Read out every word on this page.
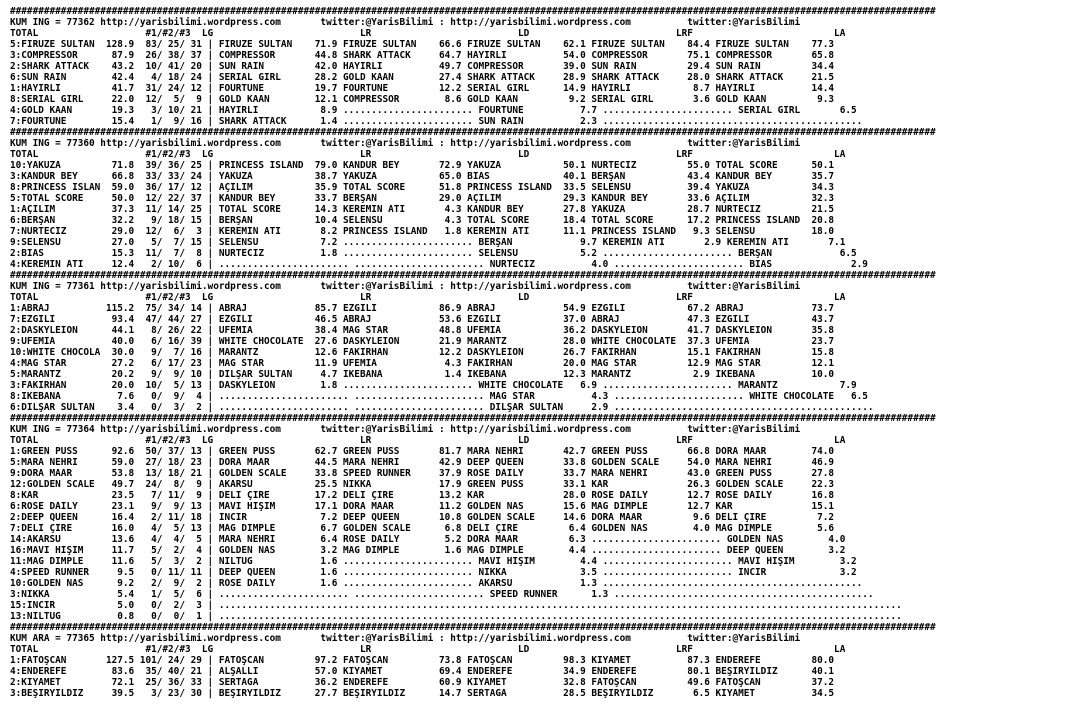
####################################################################################################################################################################
KUM ING = 77362 http://yarisbilimi.wordpress.com       twitter:@YarisBilimi : http://yarisbilimi.wordpress.com          twitter:@YarisBilimi
TOTAL                   #1/#2/#3  LG                          LR                          LD                          LRF                         LA
5:FİRUZE SULTAN  128.9  83/ 25/ 31 | FİRUZE SULTAN    71.9 FİRUZE SULTAN    66.6 FİRUZE SULTAN    62.1 FİRUZE SULTAN    84.4 FİRUZE SULTAN    77.3
3:COMPRESSOR      87.9  26/ 38/ 37 | COMPRESSOR       44.8 SHARK ATTACK     64.7 HAYIRLI          54.0 COMPRESSOR       75.1 COMPRESSOR       65.8
2:SHARK ATTACK    43.2  10/ 41/ 20 | SUN RAIN         42.0 HAYIRLI          49.7 COMPRESSOR       39.0 SUN RAIN         29.4 SUN RAIN         34.4
6:SUN RAIN        42.4   4/ 18/ 24 | SERIAL GIRL      28.2 GOLD KAAN        27.4 SHARK ATTACK     28.9 SHARK ATTACK     28.0 SHARK ATTACK     21.5
1:HAYIRLI         41.7  31/ 24/ 12 | FOURTUNE         19.7 FOURTUNE         12.2 SERIAL GIRL      14.9 HAYIRLI           8.7 HAYIRLI          14.4
8:SERIAL GIRL     22.0  12/  5/  9 | GOLD KAAN        12.1 COMPRESSOR        8.6 GOLD KAAN         9.2 SERIAL GIRL       3.6 GOLD KAAN         9.3
4:GOLD KAAN       19.3   3/ 10/ 21 | HAYIRLI           8.9 ....................... FOURTUNE          7.7 ....................... SERIAL GIRL       6.5
7:FOURTUNE        15.4   1/  9/ 16 | SHARK ATTACK      1.4 ....................... SUN RAIN          2.3 ..............................................
####################################################################################################################################################################
KUM ING = 77360 http://yarisbilimi.wordpress.com       twitter:@YarisBilimi : http://yarisbilimi.wordpress.com          twitter:@YarisBilimi
TOTAL                   #1/#2/#3  LG                          LR                          LD                          LRF                         LA
10:YAKUZA         71.8  39/ 36/ 25 | PRINCESS ISLAND  79.0 KANDUR BEY       72.9 YAKUZA           50.1 NURTECİZ         55.0 TOTAL SCORE      50.1
3:KANDUR BEY      66.8  33/ 33/ 24 | YAKUZA           38.7 YAKUZA           65.0 BIAS             40.1 BERŞAN           43.4 KANDUR BEY       35.7
8:PRINCESS ISLAN  59.0  36/ 17/ 12 | AÇILIM           35.9 TOTAL SCORE      51.8 PRINCESS ISLAND  33.5 SELENSU          39.4 YAKUZA           34.3
5:TOTAL SCORE     50.0  12/ 22/ 37 | KANDUR BEY       33.7 BERŞAN           29.0 AÇILIM           29.3 KANDUR BEY       33.6 AÇILIM           32.3
1:AÇILIM          37.3  11/ 14/ 25 | TOTAL SCORE      14.3 KEREMİN ATI       4.3 KANDUR BEY       27.8 YAKUZA           28.7 NURTECİZ         21.5
6:BERŞAN          32.2   9/ 18/ 15 | BERŞAN           10.4 SELENSU           4.3 TOTAL SCORE      18.4 TOTAL SCORE      17.2 PRINCESS ISLAND  20.8
7:NURTECİZ        29.0  12/  6/  3 | KEREMİN ATI       8.2 PRINCESS ISLAND   1.8 KEREMİN ATI      11.1 PRINCESS ISLAND   9.3 SELENSU          18.0
9:SELENSU         27.0   5/  7/ 15 | SELENSU           7.2 ....................... BERŞAN            9.7 KEREMİN ATI       2.9 KEREMİN ATI       7.1
2:BIAS            15.3  11/  7/  8 | NURTECİZ          1.8 ....................... SELENSU           5.2 ....................... BERŞAN            6.5
4:KEREMİN ATI     12.4   2/ 10/  6 | ....................... ....................... NURTECİZ          4.0 ....................... BIAS              2.9
####################################################################################################################################################################
KUM ING = 77361 http://yarisbilimi.wordpress.com       twitter:@YarisBilimi : http://yarisbilimi.wordpress.com          twitter:@YarisBilimi
TOTAL                   #1/#2/#3  LG                          LR                          LD                          LRF                         LA
1:ABRAJ          115.2  75/ 34/ 14 | ABRAJ            85.7 EZGİLİ           86.9 ABRAJ            54.9 EZGİLİ           67.2 ABRAJ            73.7
7:EZGİLİ          93.4  47/ 44/ 27 | EZGİLİ           46.5 ABRAJ            53.6 EZGİLİ           37.0 ABRAJ            47.3 EZGİLİ           43.7
2:DASKYLEION      44.1   8/ 26/ 22 | UFEMIA           38.4 MAG STAR         48.8 UFEMIA           36.2 DASKYLEION       41.7 DASKYLEION       35.8
9:UFEMIA          40.0   6/ 16/ 39 | WHITE CHOCOLATE  27.6 DASKYLEION       21.9 MARANTZ          28.0 WHITE CHOCOLATE  37.3 UFEMIA           23.7
10:WHITE CHOCOLA  30.0   9/  7/ 16 | MARANTZ          12.6 FAKİRHAN         12.2 DASKYLEION       26.7 FAKİRHAN         15.1 FAKİRHAN         15.8
4:MAG STAR        27.2   6/ 17/ 23 | MAG STAR         11.9 UFEMIA            4.3 FAKİRHAN         20.0 MAG STAR         12.9 MAG STAR         12.1
5:MARANTZ         20.2   9/  9/ 10 | DİLŞAR SULTAN     4.7 İKEBANA           1.4 İKEBANA          12.3 MARANTZ           2.9 İKEBANA          10.0
3:FAKİRHAN        20.0  10/  5/ 13 | DASKYLEION        1.8 ....................... WHITE CHOCOLATE   6.9 ....................... MARANTZ           7.9
8:İKEBANA          7.6   0/  9/  4 | ....................... ....................... MAG STAR          4.3 ....................... WHITE CHOCOLATE   6.5
6:DİLŞAR SULTAN    3.4   0/  3/  2 | ....................... ....................... DİLŞAR SULTAN     2.9 ..............................................
####################################################################################################################################################################
KUM ING = 77364 http://yarisbilimi.wordpress.com       twitter:@YarisBilimi : http://yarisbilimi.wordpress.com          twitter:@YarisBilimi
TOTAL                   #1/#2/#3  LG                          LR                          LD                          LRF                         LA
1:GREEN PUSS      92.6  50/ 37/ 13 | GREEN PUSS       62.7 GREEN PUSS       81.7 MARA NEHRİ       42.7 GREEN PUSS       66.8 DORA MAAR        74.0
5:MARA NEHRİ      59.0  27/ 18/ 23 | DORA MAAR        44.5 MARA NEHRİ       42.9 DEEP QUEEN       33.8 GOLDEN SCALE     54.0 MARA NEHRİ       46.9
9:DORA MAAR       53.8  13/ 18/ 21 | GOLDEN SCALE     33.8 SPEED RUNNER     37.9 ROSE DAILY       33.7 MARA NEHRİ       43.0 GREEN PUSS       27.8
12:GOLDEN SCALE   49.7  24/  8/  9 | AKARSU           25.5 NİKKA            17.9 GREEN PUSS       33.1 KAR              26.3 GOLDEN SCALE     22.3
8:KAR             23.5   7/ 11/  9 | DELİ ÇİRE        17.2 DELİ ÇİRE        13.2 KAR              28.0 ROSE DAILY       12.7 ROSE DAILY       16.8
6:ROSE DAILY      23.1   9/  9/ 13 | MAVİ HIŞIM       17.1 DORA MAAR        11.2 GOLDEN NAS       15.6 MAG DIMPLE       12.7 KAR              15.1
2:DEEP QUEEN      16.4   2/ 11/ 18 | İNCİR             7.2 DEEP QUEEN       10.8 GOLDEN SCALE     14.6 DORA MAAR         9.6 DELİ ÇİRE         7.2
7:DELİ ÇİRE       16.0   4/  5/ 13 | MAG DIMPLE        6.7 GOLDEN SCALE      6.8 DELİ ÇİRE         6.4 GOLDEN NAS        4.0 MAG DIMPLE        5.6
14:AKARSU         13.6   4/  4/  5 | MARA NEHRİ        6.4 ROSE DAILY        5.2 DORA MAAR         6.3 ....................... GOLDEN NAS        4.0
16:MAVİ HIŞIM     11.7   5/  2/  4 | GOLDEN NAS        3.2 MAG DIMPLE        1.6 MAG DIMPLE        4.4 ....................... DEEP QUEEN        3.2
11:MAG DIMPLE     11.6   5/  3/  2 | NILTUĞ            1.6 ....................... MAVİ HIŞIM        4.4 ....................... MAVİ HIŞIM        3.2
4:SPEED RUNNER     9.5   0/ 11/ 11 | DEEP QUEEN        1.6 ....................... NİKKA             3.5 ....................... İNCİR             3.2
10:GOLDEN NAS      9.2   2/  9/  2 | ROSE DAILY        1.6 ....................... AKARSU            1.3 ..............................................
3:NİKKA            5.4   1/  5/  6 | ....................... ....................... SPEED RUNNER      1.3 ..............................................
15:İNCİR           5.0   0/  2/  3 | .........................................................................................................................
13:NILTUĞ          0.8   0/  0/  1 | .........................................................................................................................
####################################################################################################################################################################
KUM ARA = 77365 http://yarisbilimi.wordpress.com       twitter:@YarisBilimi : http://yarisbilimi.wordpress.com          twitter:@YarisBilimi
TOTAL                   #1/#2/#3  LG                          LR                          LD                          LRF                         LA
1:FATOŞCAN       127.5 101/ 24/ 29 | FATOŞCAN         97.2 FATOŞCAN         73.8 FATOŞCAN         98.3 KIYAMET          87.3 ENDEREFE         80.0
4:ENDEREFE        83.6  35/ 40/ 21 | ALŞALLI          57.0 KIYAMET          69.4 ENDEREFE         34.9 ENDEREFE         80.1 BEŞIRYILDIZ      40.1
2:KIYAMET         72.1  25/ 36/ 33 | SERTAĞA          36.2 ENDEREFE         60.9 KIYAMET          32.8 FATOŞCAN         49.6 FATOŞCAN         37.2
3:BEŞIRYILDIZ     39.5   3/ 23/ 30 | BEŞIRYILDIZ      27.7 BEŞIRYILDIZ      14.7 SERTAĞA          28.5 BEŞIRYILDIZ       6.5 KIYAMET          34.5
